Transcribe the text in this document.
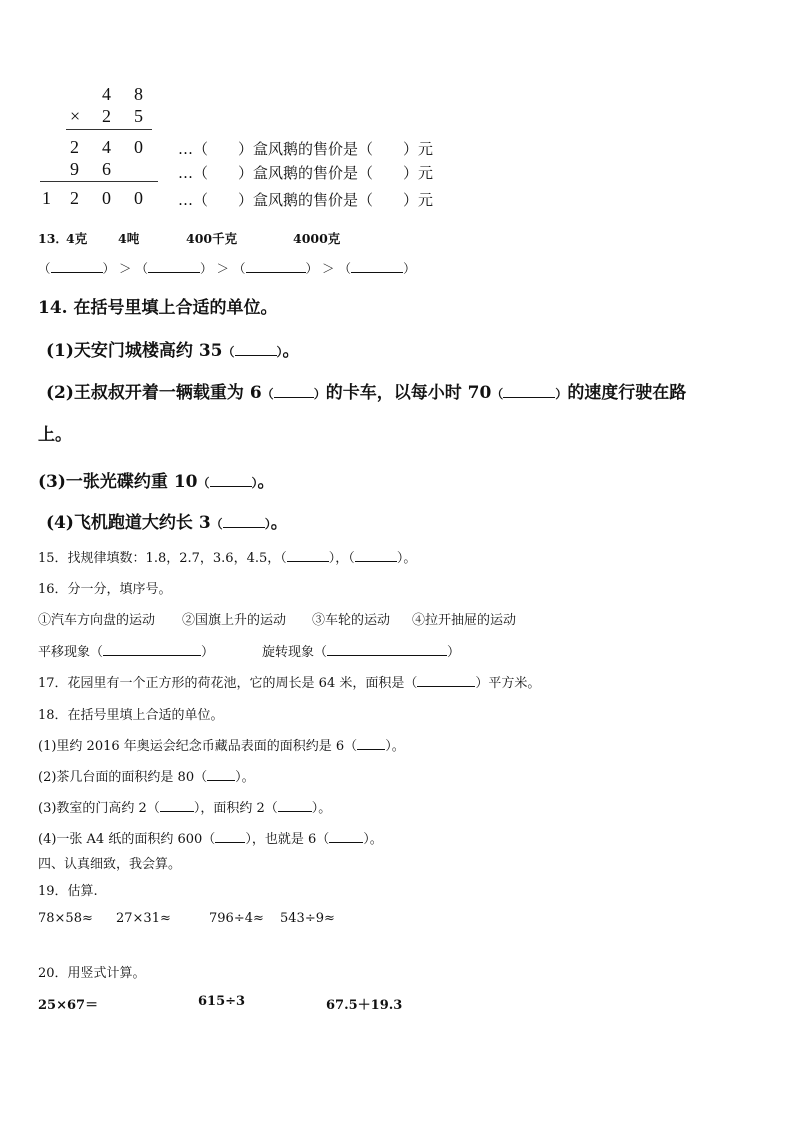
4 8
× 2 5
2 4 0 …（　　）盒风鹅的售价是（　　）元
9 6	…（　　）盒风鹅的售价是（　　）元
1 2 0 0 …（　　）盒风鹅的售价是（　　）元
13．
4克 4吨	400千克	4000克
（	） ＞ （	） ＞ （	） ＞ （	）
14. 在括号里填上合适的单位。
(1)天安门城楼高约 35（	）。
(2)王叔叔开着一辆载重为 6（	）的卡车，以每小时 70（	）的速度行驶在路
上。
(3)一张光碟约重 10（	）。
(4)飞机跑道大约长 3（	）。
15．找规律填数：1.8，2.7，3.6，4.5，（	），（	）。
16．分一分，填序号。
①汽车方向盘的运动 ②国旗上升的运动 ③车轮的运动 ④拉开抽屉的运动
平移现象（	）	旋转现象（	）
17．花园里有一个正方形的荷花池，它的周长是 64 米，面积是（	）平方米。
18．在括号里填上合适的单位。
(1)里约 2016 年奥运会纪念币藏品表面的面积约是 6（ ）。
(2)茶几台面的面积约是 80（ ）。
(3)教室的门高约 2（	），面积约 2（	）。
(4)一张 A4 纸的面积约 600（ ），也就是 6（	）。
四、认真细致，我会算。
19．估算.
78×58≈ 27×31≈	796÷4≈ 543÷9≈
20．用竖式计算。
25×67＝	615÷3	67.5＋19.3
